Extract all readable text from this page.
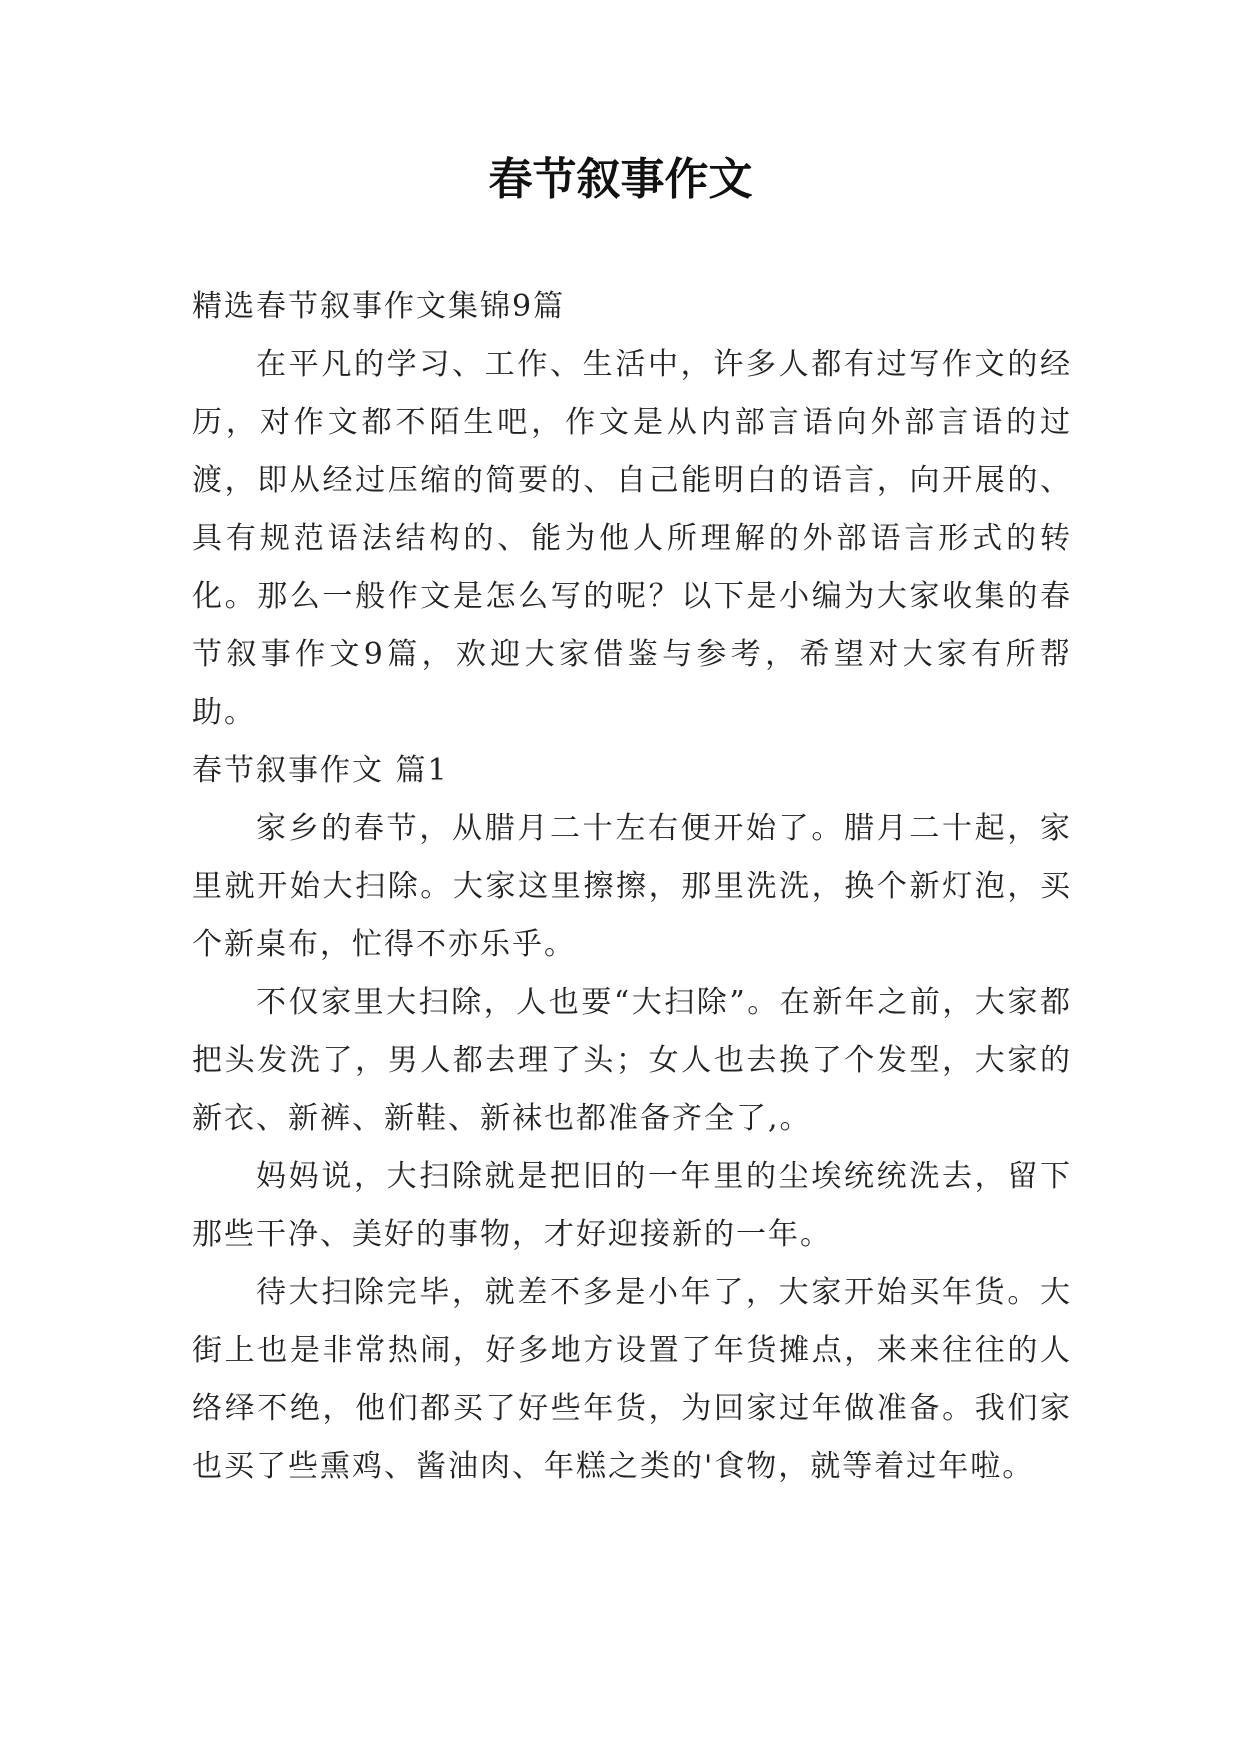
春节叙事作文

精选春节叙事作文集锦9篇

在平凡的学习、工作、生活中，许多人都有过写作文的经历，对作文都不陌生吧，作文是从内部言语向外部言语的过渡，即从经过压缩的简要的、自己能明白的语言，向开展的、具有规范语法结构的、能为他人所理解的外部语言形式的转化。那么一般作文是怎么写的呢？以下是小编为大家收集的春节叙事作文9篇，欢迎大家借鉴与参考，希望对大家有所帮助。

春节叙事作文 篇1

家乡的春节，从腊月二十左右便开始了。腊月二十起，家里就开始大扫除。大家这里擦擦，那里洗洗，换个新灯泡，买个新桌布，忙得不亦乐乎。

不仅家里大扫除，人也要“大扫除”。在新年之前，大家都把头发洗了，男人都去理了头；女人也去换了个发型，大家的新衣、新裤、新鞋、新袜也都准备齐全了,。

妈妈说，大扫除就是把旧的一年里的尘埃统统洗去，留下那些干净、美好的事物，才好迎接新的一年。

待大扫除完毕，就差不多是小年了，大家开始买年货。大街上也是非常热闹，好多地方设置了年货摊点，来来往往的人络绎不绝，他们都买了好些年货，为回家过年做准备。我们家也买了些熏鸡、酱油肉、年糕之类的'食物，就等着过年啦。
